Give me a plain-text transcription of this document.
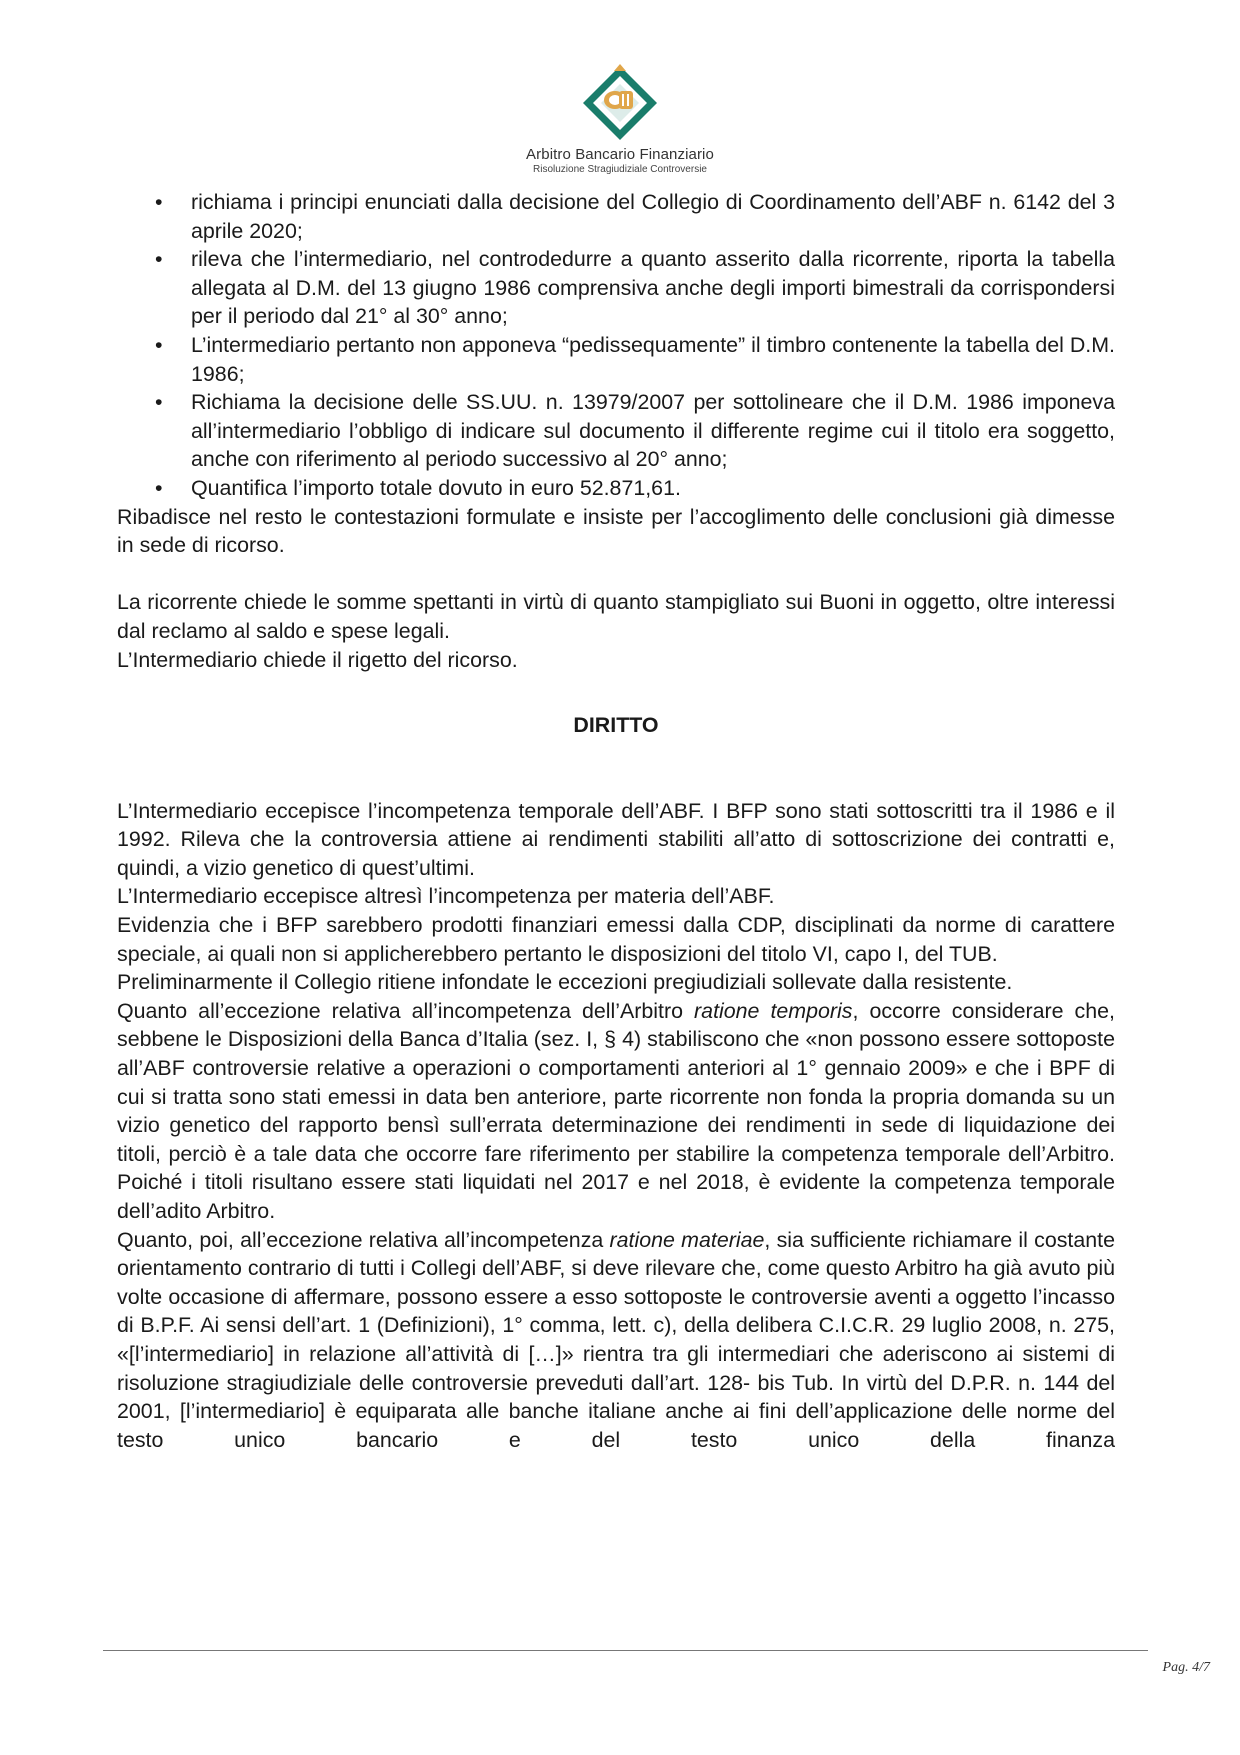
Arbitro Bancario Finanziario
Risoluzione Stragiudiziale Controversie
• richiama i principi enunciati dalla decisione del Collegio di Coordinamento dell’ABF n. 6142 del 3 aprile 2020;
• rileva che l’intermediario, nel controdedurre a quanto asserito dalla ricorrente, riporta la tabella allegata al D.M. del 13 giugno 1986 comprensiva anche degli importi bimestrali da corrispondersi per il periodo dal 21° al 30° anno;
• L’intermediario pertanto non apponeva “pedissequamente” il timbro contenente la tabella del D.M. 1986;
• Richiama la decisione delle SS.UU. n. 13979/2007 per sottolineare che il D.M. 1986 imponeva all’intermediario l’obbligo di indicare sul documento il differente regime cui il titolo era soggetto, anche con riferimento al periodo successivo al 20° anno;
• Quantifica l’importo totale dovuto in euro 52.871,61.

Ribadisce nel resto le contestazioni formulate e insiste per l’accoglimento delle conclusioni già dimesse in sede di ricorso.

La ricorrente chiede le somme spettanti in virtù di quanto stampigliato sui Buoni in oggetto, oltre interessi dal reclamo al saldo e spese legali.

L’Intermediario chiede il rigetto del ricorso.

DIRITTO

L’Intermediario eccepisce l’incompetenza temporale dell’ABF. I BFP sono stati sottoscritti tra il 1986 e il 1992. Rileva che la controversia attiene ai rendimenti stabiliti all’atto di sottoscrizione dei contratti e, quindi, a vizio genetico di quest’ultimi.

L’Intermediario eccepisce altresì l’incompetenza per materia dell’ABF.

Evidenzia che i BFP sarebbero prodotti finanziari emessi dalla CDP, disciplinati da norme di carattere speciale, ai quali non si applicherebbero pertanto le disposizioni del titolo VI, capo I, del TUB.

Preliminarmente il Collegio ritiene infondate le eccezioni pregiudiziali sollevate dalla resistente.

Quanto all’eccezione relativa all’incompetenza dell’Arbitro ratione temporis, occorre considerare che, sebbene le Disposizioni della Banca d’Italia (sez. I, § 4) stabiliscono che «non possono essere sottoposte all’ABF controversie relative a operazioni o comportamenti anteriori al 1° gennaio 2009» e che i BPF di cui si tratta sono stati emessi in data ben anteriore, parte ricorrente non fonda la propria domanda su un vizio genetico del rapporto bensì sull’errata determinazione dei rendimenti in sede di liquidazione dei titoli, perciò è a tale data che occorre fare riferimento per stabilire la competenza temporale dell’Arbitro. Poiché i titoli risultano essere stati liquidati nel 2017 e nel 2018, è evidente la competenza temporale dell’adito Arbitro.

Quanto, poi, all’eccezione relativa all’incompetenza ratione materiae, sia sufficiente richiamare il costante orientamento contrario di tutti i Collegi dell’ABF, si deve rilevare che, come questo Arbitro ha già avuto più volte occasione di affermare, possono essere a esso sottoposte le controversie aventi a oggetto l’incasso di B.P.F. Ai sensi dell’art. 1 (Definizioni), 1° comma, lett. c), della delibera C.I.C.R. 29 luglio 2008, n. 275, «[l’intermediario] in relazione all’attività di […]» rientra tra gli intermediari che aderiscono ai sistemi di risoluzione stragiudiziale delle controversie preveduti dall’art. 128- bis Tub. In virtù del D.P.R. n. 144 del 2001, [l’intermediario] è equiparata alle banche italiane anche ai fini dell’applicazione delle norme del testo unico bancario e del testo unico della finanza

Pag. 4/7
